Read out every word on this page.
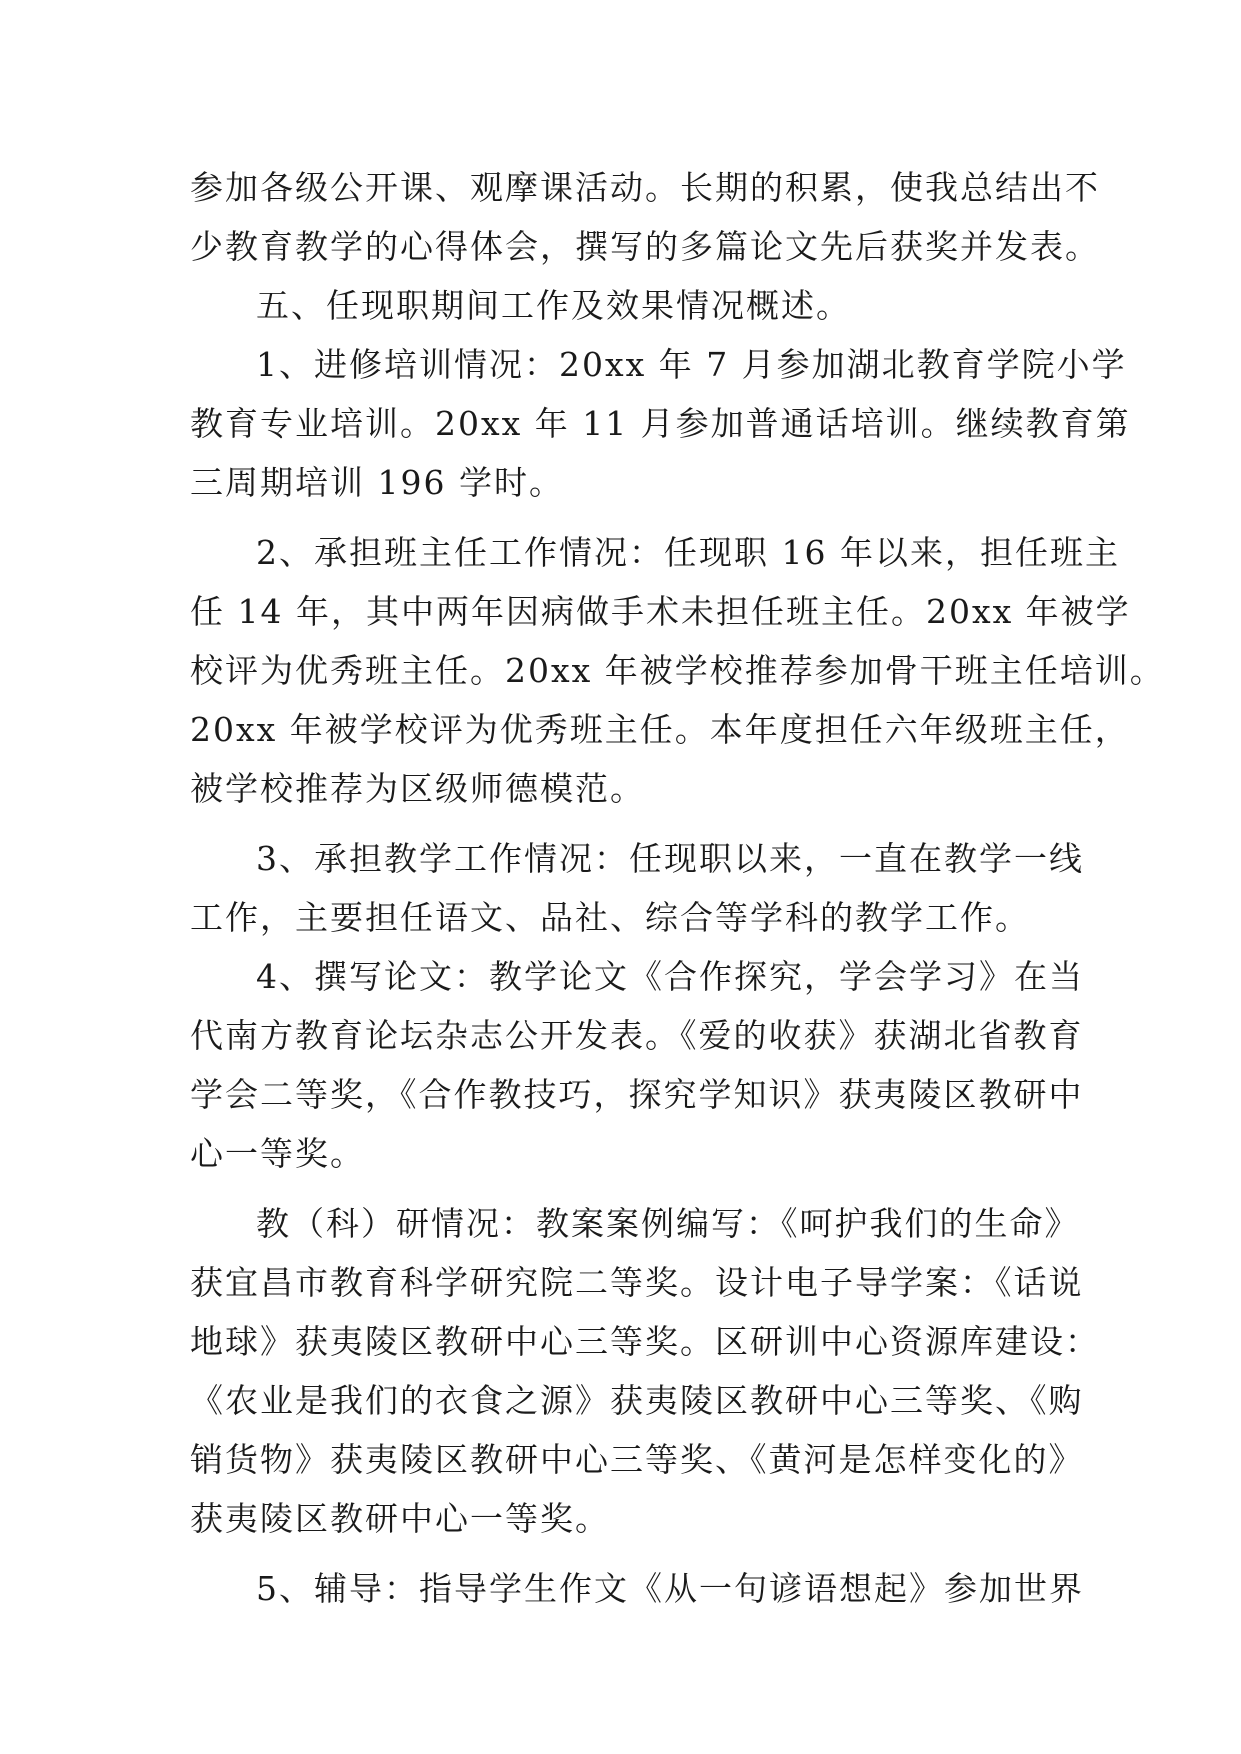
参加各级公开课、观摩课活动。长期的积累，使我总结出不
少教育教学的心得体会，撰写的多篇论文先后获奖并发表。
五、任现职期间工作及效果情况概述。
1、进修培训情况：20xx 年 7 月参加湖北教育学院小学
教育专业培训。20xx 年 11 月参加普通话培训。继续教育第
三周期培训 196 学时。
2、承担班主任工作情况：任现职 16 年以来，担任班主
任 14 年，其中两年因病做手术未担任班主任。20xx 年被学
校评为优秀班主任。20xx 年被学校推荐参加骨干班主任培训。
20xx 年被学校评为优秀班主任。本年度担任六年级班主任，
被学校推荐为区级师德模范。
3、承担教学工作情况：任现职以来，一直在教学一线
工作，主要担任语文、品社、综合等学科的教学工作。
4、撰写论文：教学论文《合作探究，学会学习》在当
代南方教育论坛杂志公开发表。《爱的收获》获湖北省教育
学会二等奖，《合作教技巧，探究学知识》获夷陵区教研中
心一等奖。
教（科）研情况：教案案例编写：《呵护我们的生命》
获宜昌市教育科学研究院二等奖。设计电子导学案：《话说
地球》获夷陵区教研中心三等奖。区研训中心资源库建设：
《农业是我们的衣食之源》获夷陵区教研中心三等奖、《购
销货物》获夷陵区教研中心三等奖、《黄河是怎样变化的》
获夷陵区教研中心一等奖。
5、辅导：指导学生作文《从一句谚语想起》参加世界
